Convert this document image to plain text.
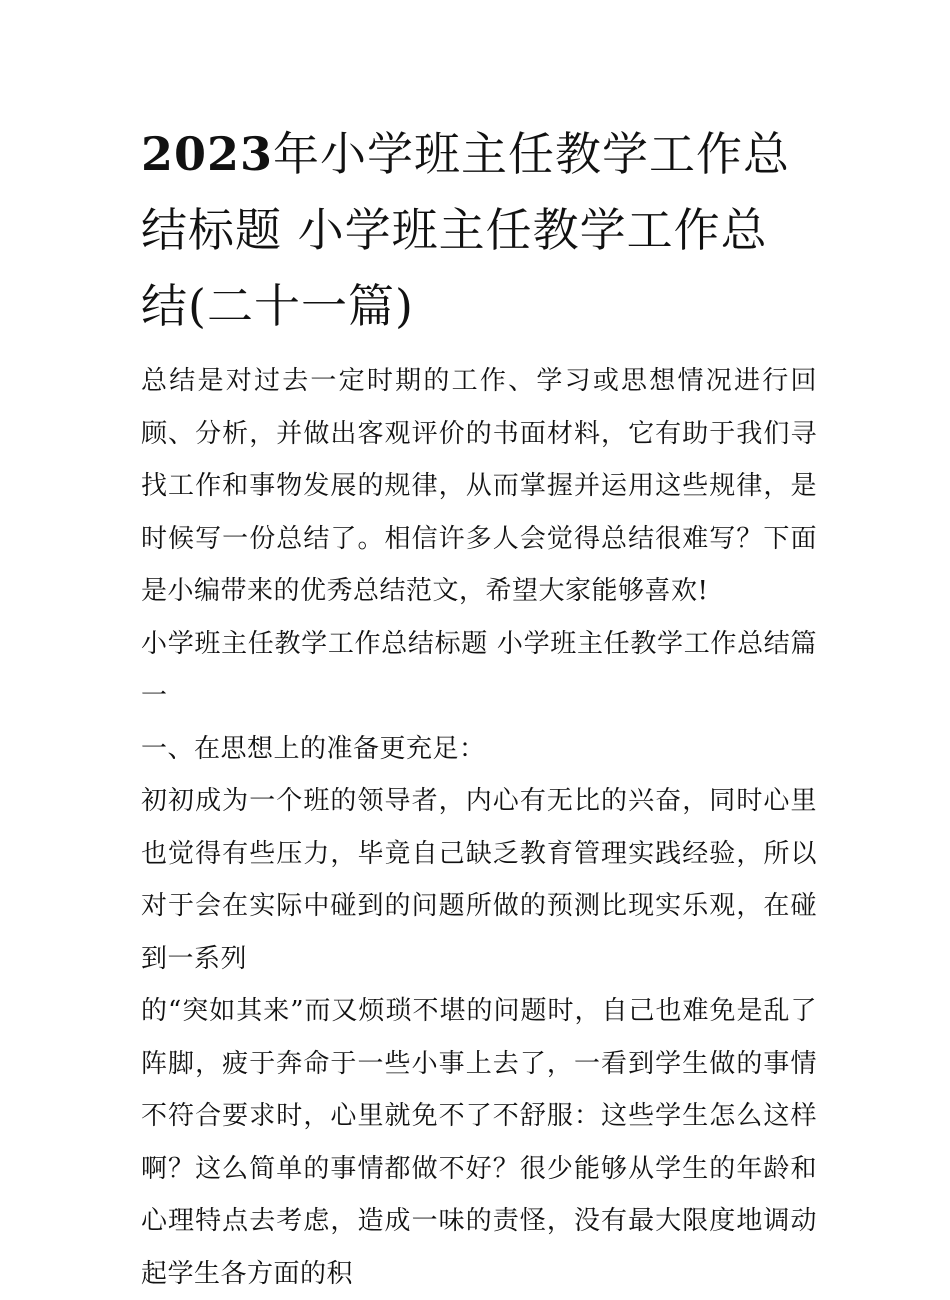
2023年小学班主任教学工作总结标题 小学班主任教学工作总结(二十一篇)

总结是对过去一定时期的工作、学习或思想情况进行回顾、分析，并做出客观评价的书面材料，它有助于我们寻找工作和事物发展的规律，从而掌握并运用这些规律，是时候写一份总结了。相信许多人会觉得总结很难写？下面是小编带来的优秀总结范文，希望大家能够喜欢!

小学班主任教学工作总结标题 小学班主任教学工作总结篇一

一、在思想上的准备更充足：

初初成为一个班的领导者，内心有无比的兴奋，同时心里也觉得有些压力，毕竟自己缺乏教育管理实践经验，所以对于会在实际中碰到的问题所做的预测比现实乐观，在碰到一系列

的“突如其来”而又烦琐不堪的问题时，自己也难免是乱了阵脚，疲于奔命于一些小事上去了，一看到学生做的事情不符合要求时，心里就免不了不舒服：这些学生怎么这样啊？这么简单的事情都做不好？很少能够从学生的年龄和心理特点去考虑，造成一味的责怪，没有最大限度地调动起学生各方面的积
